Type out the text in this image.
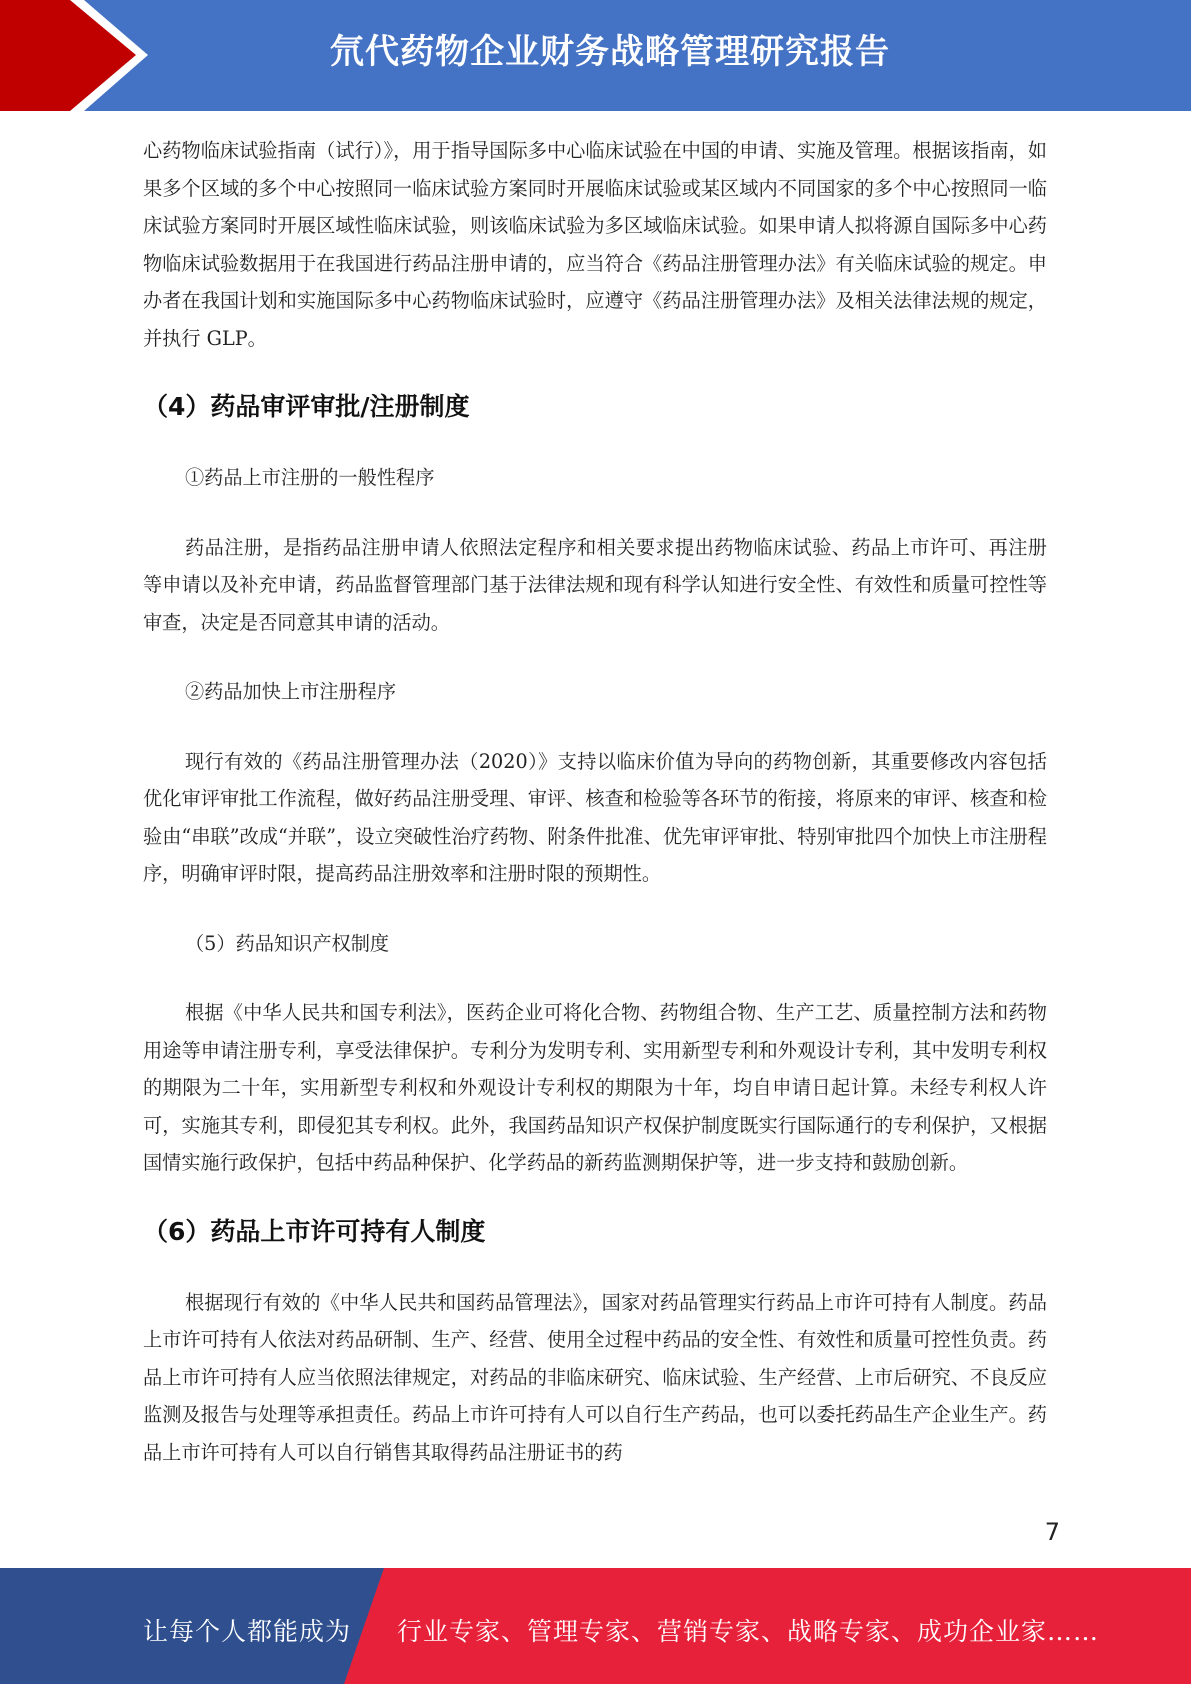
氘代药物企业财务战略管理研究报告

心药物临床试验指南（试行）》，用于指导国际多中心临床试验在中国的申请、实施及管理。根据该指南，如果多个区域的多个中心按照同一临床试验方案同时开展临床试验或某区域内不同国家的多个中心按照同一临床试验方案同时开展区域性临床试验，则该临床试验为多区域临床试验。如果申请人拟将源自国际多中心药物临床试验数据用于在我国进行药品注册申请的，应当符合《药品注册管理办法》有关临床试验的规定。申办者在我国计划和实施国际多中心药物临床试验时，应遵守《药品注册管理办法》及相关法律法规的规定，并执行 GLP。

（4）药品审评审批/注册制度
①药品上市注册的一般性程序

药品注册，是指药品注册申请人依照法定程序和相关要求提出药物临床试验、药品上市许可、再注册等申请以及补充申请，药品监督管理部门基于法律法规和现有科学认知进行安全性、有效性和质量可控性等审查，决定是否同意其申请的活动。

②药品加快上市注册程序

现行有效的《药品注册管理办法（2020）》支持以临床价值为导向的药物创新，其重要修改内容包括优化审评审批工作流程，做好药品注册受理、审评、核查和检验等各环节的衔接，将原来的审评、核查和检验由“串联”改成“并联”，设立突破性治疗药物、附条件批准、优先审评审批、特别审批四个加快上市注册程序，明确审评时限，提高药品注册效率和注册时限的预期性。

（5）药品知识产权制度

根据《中华人民共和国专利法》，医药企业可将化合物、药物组合物、生产工艺、质量控制方法和药物用途等申请注册专利，享受法律保护。专利分为发明专利、实用新型专利和外观设计专利，其中发明专利权的期限为二十年，实用新型专利权和外观设计专利权的期限为十年，均自申请日起计算。未经专利权人许可，实施其专利，即侵犯其专利权。此外，我国药品知识产权保护制度既实行国际通行的专利保护，又根据国情实施行政保护，包括中药品种保护、化学药品的新药监测期保护等，进一步支持和鼓励创新。

（6）药品上市许可持有人制度

根据现行有效的《中华人民共和国药品管理法》，国家对药品管理实行药品上市许可持有人制度。药品上市许可持有人依法对药品研制、生产、经营、使用全过程中药品的安全性、有效性和质量可控性负责。药品上市许可持有人应当依照法律规定，对药品的非临床研究、临床试验、生产经营、上市后研究、不良反应监测及报告与处理等承担责任。药品上市许可持有人可以自行生产药品，也可以委托药品生产企业生产。药品上市许可持有人可以自行销售其取得药品注册证书的药

7
让每个人都能成为 行业专家、管理专家、营销专家、战略专家、成功企业家……
